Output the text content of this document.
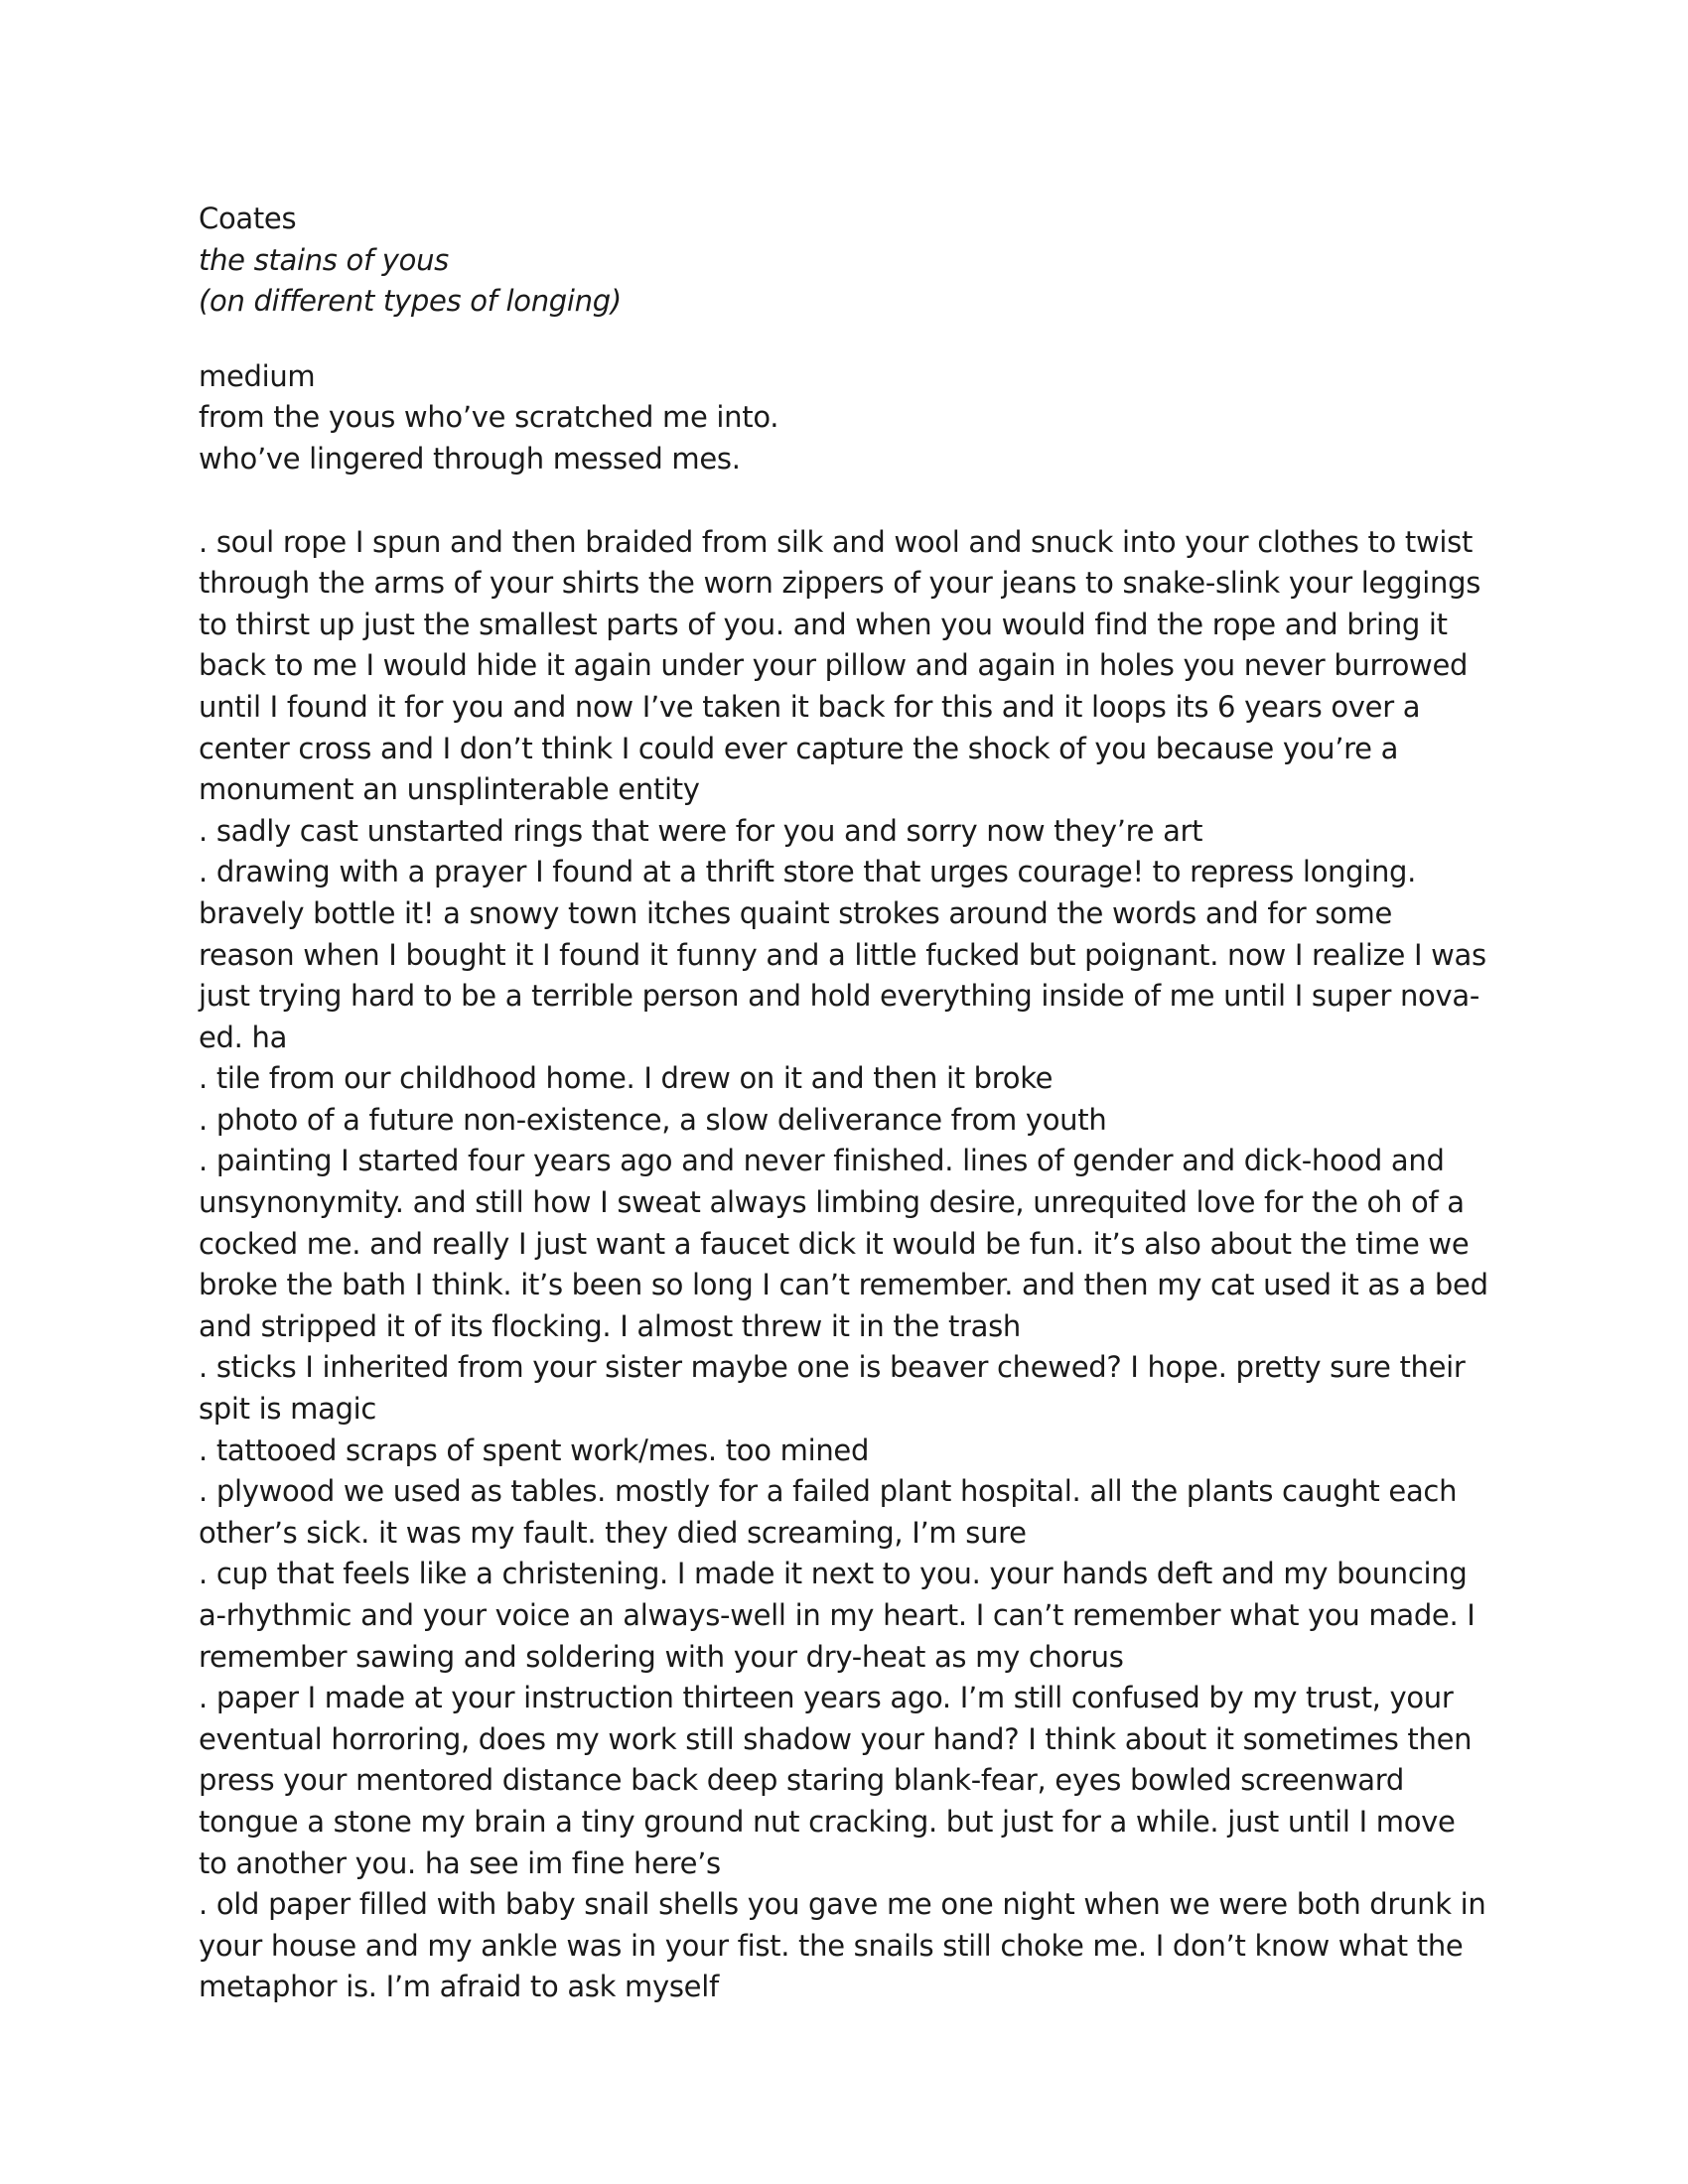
Coates

the stains of yous

(on different types of longing)

medium

from the yous who’ve scratched me into.

who’ve lingered through messed mes.

. soul rope I spun and then braided from silk and wool and snuck into your clothes to twist through the arms of your shirts the worn zippers of your jeans to snake-slink your leggings to thirst up just the smallest parts of you. and when you would find the rope and bring it back to me I would hide it again under your pillow and again in holes you never burrowed until I found it for you and now I’ve taken it back for this and it loops its 6 years over a center cross and I don’t think I could ever capture the shock of you because you’re a monument an unsplinterable entity

. sadly cast unstarted rings that were for you and sorry now they’re art

. drawing with a prayer I found at a thrift store that urges courage! to repress longing. bravely bottle it! a snowy town itches quaint strokes around the words and for some reason when I bought it I found it funny and a little fucked but poignant. now I realize I was just trying hard to be a terrible person and hold everything inside of me until I super nova-ed. ha

. tile from our childhood home. I drew on it and then it broke

. photo of a future non-existence, a slow deliverance from youth

. painting I started four years ago and never finished. lines of gender and dick-hood and unsynonymity. and still how I sweat always limbing desire, unrequited love for the oh of a cocked me. and really I just want a faucet dick it would be fun. it’s also about the time we broke the bath I think. it’s been so long I can’t remember. and then my cat used it as a bed and stripped it of its flocking. I almost threw it in the trash

. sticks I inherited from your sister maybe one is beaver chewed? I hope. pretty sure their spit is magic

. tattooed scraps of spent work/mes. too mined

. plywood we used as tables. mostly for a failed plant hospital. all the plants caught each other’s sick. it was my fault. they died screaming, I’m sure

. cup that feels like a christening. I made it next to you. your hands deft and my bouncing a-rhythmic and your voice an always-well in my heart. I can’t remember what you made. I remember sawing and soldering with your dry-heat as my chorus

. paper I made at your instruction thirteen years ago. I’m still confused by my trust, your eventual horroring, does my work still shadow your hand? I think about it sometimes then press your mentored distance back deep staring blank-fear, eyes bowled screenward tongue a stone my brain a tiny ground nut cracking. but just for a while. just until I move to another you. ha see im fine here’s

. old paper filled with baby snail shells you gave me one night when we were both drunk in your house and my ankle was in your fist. the snails still choke me. I don’t know what the metaphor is. I’m afraid to ask myself
